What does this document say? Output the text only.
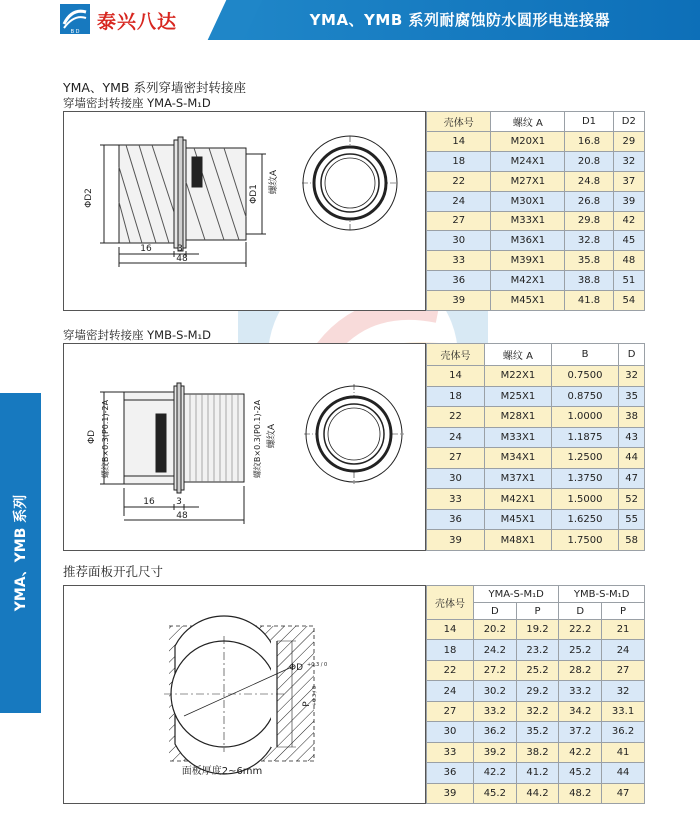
B D 泰兴八达	YMA、YMB 系列耐腐蚀防水圆形电连接器
YMA、YMB 系列
YMA、YMB 系列穿墙密封转接座
穿墙密封转接座 YMA-S-M₁D
ΦD2	ΦD1 螺纹A
16	3
48
壳体号	螺纹 A	D1	D2
14	M20X1	16.8	29
18	M24X1	20.8	32
22	M27X1	24.8	37
24	M30X1	26.8	39
27	M33X1	29.8	42
30	M36X1	32.8	45
33	M39X1	35.8	48
36	M42X1	38.8	51
39	M45X1	41.8	54
穿墙密封转接座 YMB-S-M₁D
ΦD 螺纹B×0.3(P0.1)-2A	螺纹B×0.3(P0.1)-2A 螺纹A
16 3
48
壳体号	螺纹 A	B	D
14	M22X1	0.7500	32
18	M25X1	0.8750	35
22	M28X1	1.0000	38
24	M33X1	1.1875	43
27	M34X1	1.2500	44
30	M37X1	1.3750	47
33	M42X1	1.5000	52
36	M45X1	1.6250	55
39	M48X1	1.7500	58
推荐面板开孔尺寸
ΦD +0.3 / 0
P +0.3 / 0
面板厚度2~6mm
壳体号	YMA-S-M₁D		YMB-S-M₁D	
	D	P	D	P
14	20.2	19.2	22.2	21
18	24.2	23.2	25.2	24
22	27.2	25.2	28.2	27
24	30.2	29.2	33.2	32
27	33.2	32.2	34.2	33.1
30	36.2	35.2	37.2	36.2
33	39.2	38.2	42.2	41
36	42.2	41.2	45.2	44
39	45.2	44.2	48.2	47
